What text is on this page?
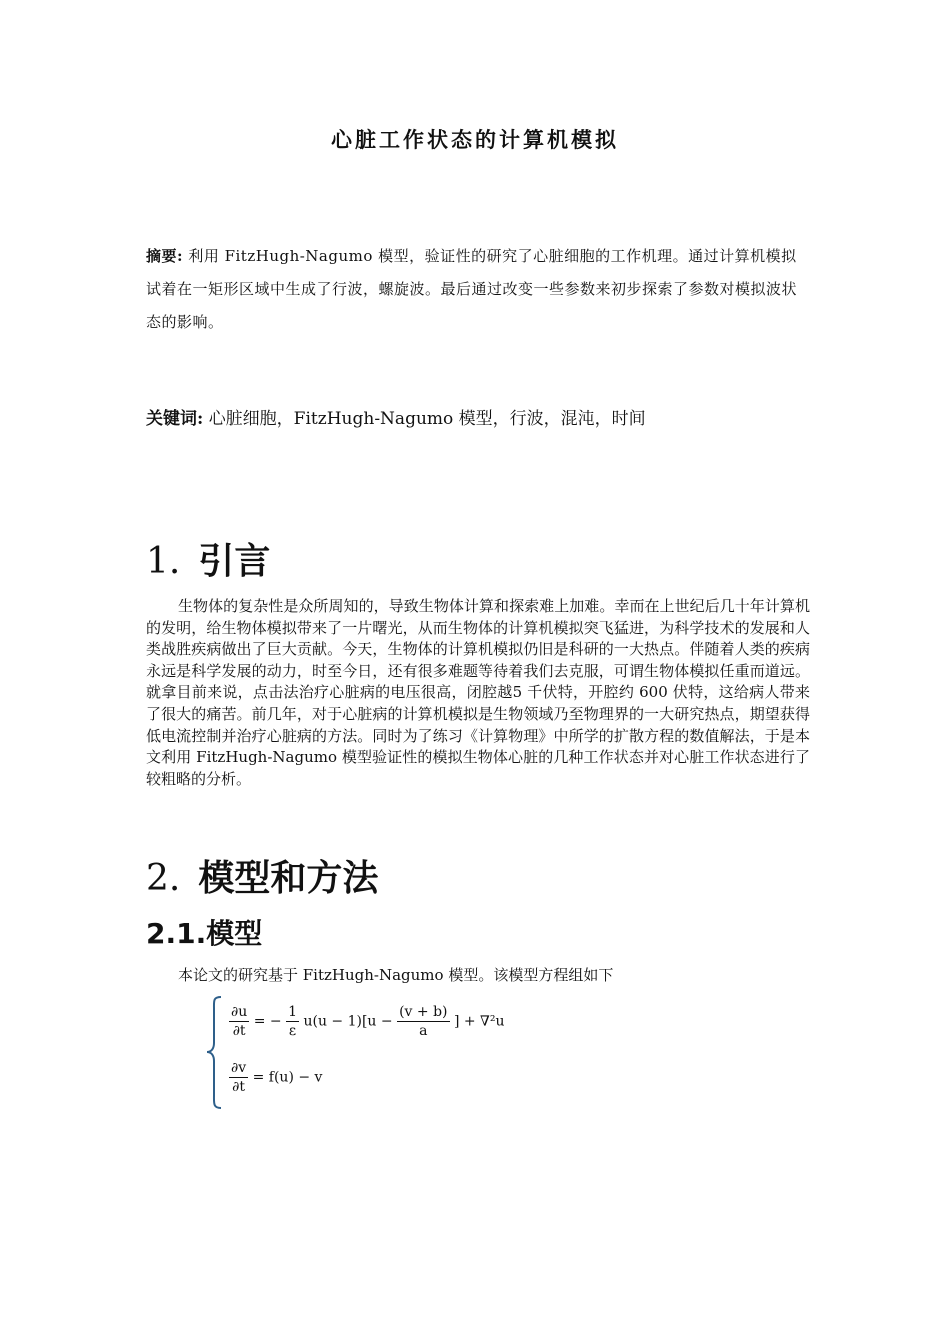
心脏工作状态的计算机模拟
摘要: 利用 FitzHugh-Nagumo 模型，验证性的研究了心脏细胞的工作机理。通过计算机模拟试着在一矩形区域中生成了行波，螺旋波。最后通过改变一些参数来初步探索了参数对模拟波状态的影响。
关键词: 心脏细胞，FitzHugh-Nagumo 模型，行波，混沌，时间
1. 引言
生物体的复杂性是众所周知的，导致生物体计算和探索难上加难。幸而在上世纪后几十年计算机的发明，给生物体模拟带来了一片曙光，从而生物体的计算机模拟突飞猛进，为科学技术的发展和人类战胜疾病做出了巨大贡献。今天，生物体的计算机模拟仍旧是科研的一大热点。伴随着人类的疾病永远是科学发展的动力，时至今日，还有很多难题等待着我们去克服，可谓生物体模拟任重而道远。就拿目前来说，点击法治疗心脏病的电压很高，闭腔越5 千伏特，开腔约 600 伏特，这给病人带来了很大的痛苦。前几年，对于心脏病的计算机模拟是生物领域乃至物理界的一大研究热点，期望获得低电流控制并治疗心脏病的方法。同时为了练习《计算物理》中所学的扩散方程的数值解法，于是本文利用 FitzHugh-Nagumo 模型验证性的模拟生物体心脏的几种工作状态并对心脏工作状态进行了较粗略的分析。
2. 模型和方法
2.1.模型
本论文的研究基于 FitzHugh-Nagumo 模型。该模型方程组如下
$\frac{\partial u}{\partial t}$ = − $\frac{1}{\varepsilon} u(u - 1)[u - \frac{(v + b)}{a}$ ] + ∇²u
$\frac{\partial v}{\partial t} = f(u) - v$
